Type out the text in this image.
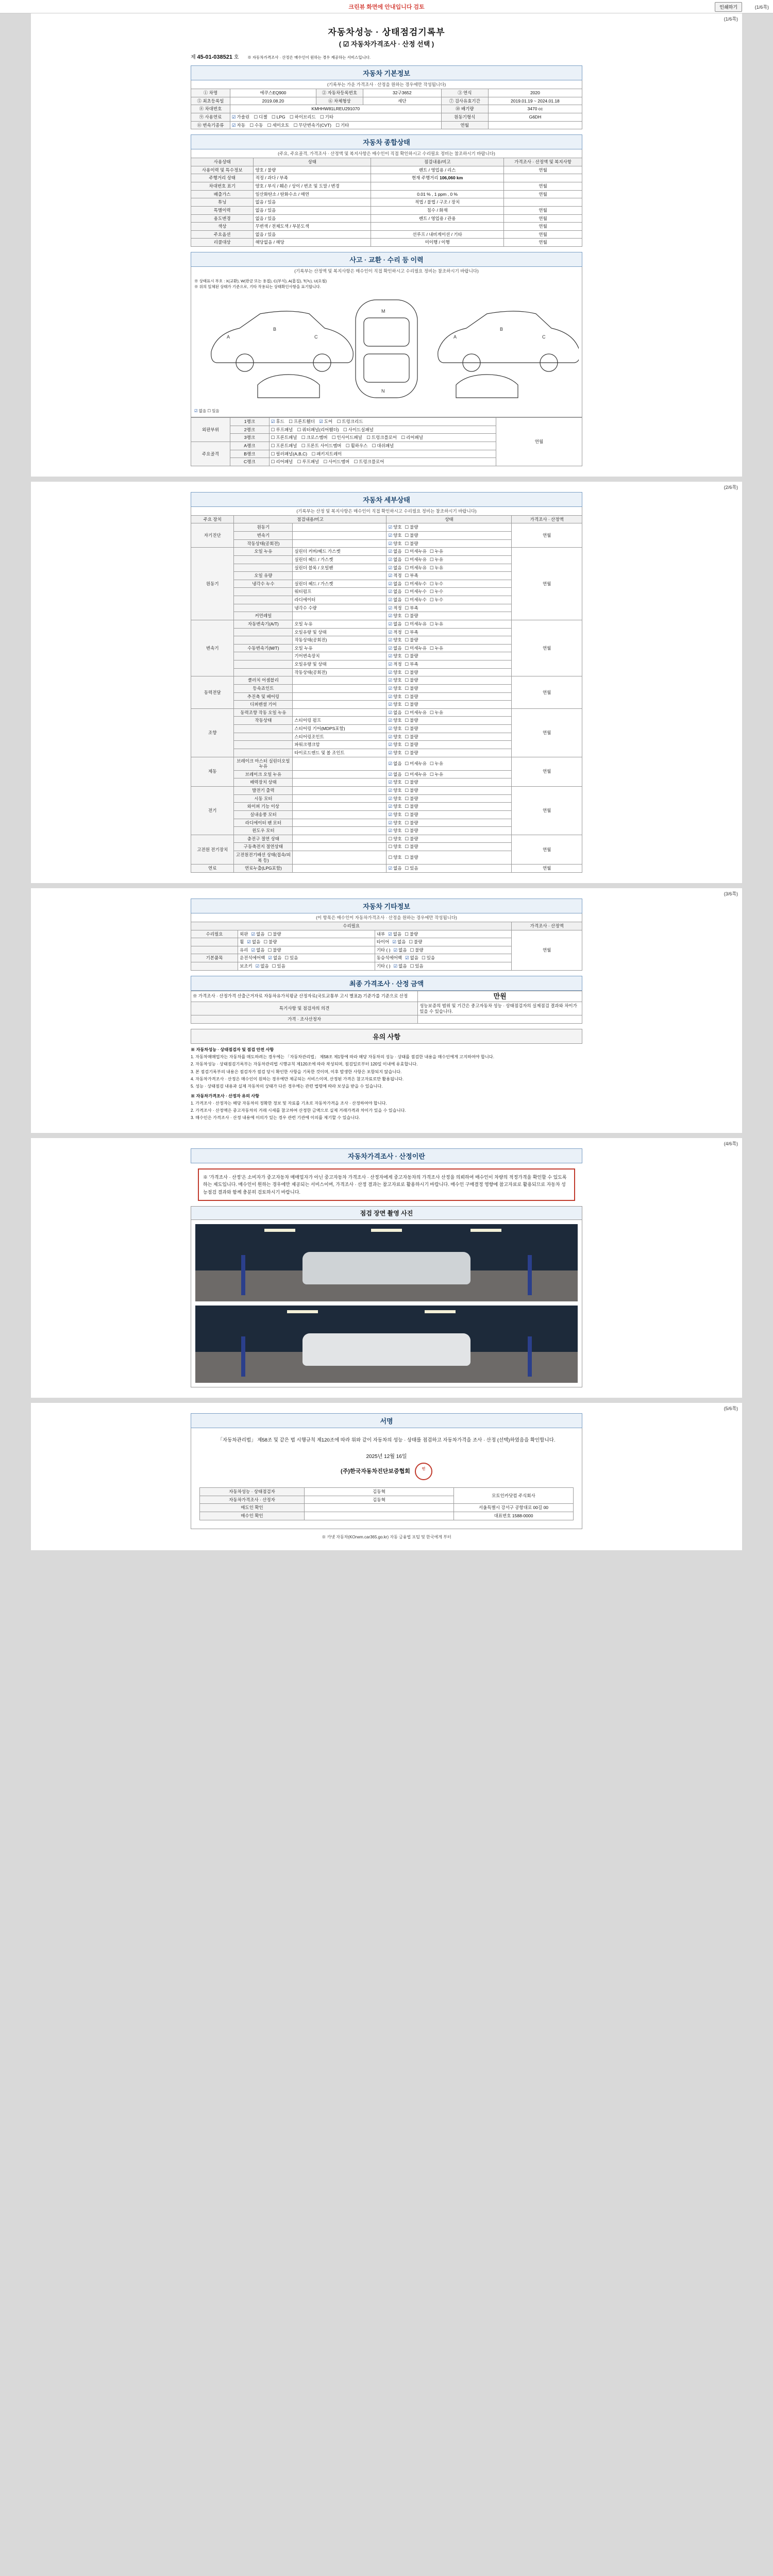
크린뷰 화면에 안내입니다 검토	인쇄하기	(1/6쪽)
(1/6쪽)
자동차성능 · 상태점검기록부
( ☑ 자동차가격조사 · 산정 선택 )
제 45-01-038521 호 ※ 자동차가격조사 · 산정은 매수인이 원하는 경우 제공하는 서비스입니다.
자동차 기본정보
(기록부는 가운 가격조사 · 산정을 원하는 경우에만 작성됩니다)
① 차명	에쿠스EQ900	② 자동차등록번호	32구3652	③ 연식	2020
⑤ 최초등록일	2019.08.20	⑥ 차체형상	세단	⑦ 검사유효기간	2019.01.19 ~ 2024.01.18
⑧ 차대번호	KMHHW81LREU291070			⑩ 배기량	3470 cc
⑨ 사용연료	☑ 가솔린 ☐ 디젤 ☐ LPG ☐ 하이브리드 ☐ 기타			원동기형식	G6DH
⑪ 변속기종류	☑ 자동 ☐ 수동 ☐ 세미오토 ☐ 무단변속기(CVT) ☐ 기타			연월	
자동차 종합상태
(주요, 주요골격, 가격조사 · 산정액 및 복지사항은 매수인이 직접 확인하시고 수리필요 정비는 참조하시기 바랍니다)
사용상태	상태	점검내용/비고	가격조사 · 산정액 및 복지사항
사용이력 및 특수정보	양호 / 불량	렌트 / 영업용 / 리스	연월
주행거리 상태	적정 / 과다 / 부족	현재 주행거리 106,060 km	
차대번호 표기	양호 / 부식 / 훼손 / 상이 / 변조 및 도말 / 변경		연월
배출가스	일산화탄소 / 탄화수소 / 매연	0.01 % , 1 ppm , 0 %	연월
튜닝	없음 / 있음	적법 / 불법 / 구조 / 장치	
특별이력	없음 / 있음	침수 / 화재	연월
용도변경	없음 / 있음	렌트 / 영업용 / 관용	연월
색상	무변색 / 전체도색 / 부분도색		연월
주요옵션	없음 / 있음	선루프 / 내비게이션 / 기타	연월
리콜대상	해당없음 / 해당	미이행 / 이행	연월
사고 · 교환 · 수리 등 이력
(기록부는 산정액 및 복지사항은 매수인이 직접 확인하시고 수리필요 정비는 참조하시기 바랍니다)
※ 상태표시 부호 : X(교환), W(판금 또는 용접), C(부식), A(흠집), T(녹), U(요철)
※ 위의 일체된 상태가 기준으로, 기타 작용되는 상태확인사항을 표기합니다.
A
B
C
M
N
A
B
C
☑ 없음 ☐ 있음
외판부위	1랭크	☑ 후드 ☐ 프론트휀더 ☑ 도어 ☐ 트렁크리드	연월
	2랭크	☐ 루프패널 ☐ 쿼터패널(리어휀더) ☐ 사이드실패널
	3랭크	☐ 프론트패널 ☐ 크로스멤버 ☐ 인사이드패널 ☐ 트렁크플로어 ☐ 리어패널
주요골격	A랭크	☐ 프론트패널 ☐ 프론트 사이드멤버 ☐ 휠하우스 ☐ 대쉬패널
	B랭크	☐ 필러패널(A,B,C) ☐ 패키지트레이
	C랭크	☐ 리어패널 ☐ 루프패널 ☐ 사이드멤버 ☐ 트렁크플로어
(2/6쪽)
자동차 세부상태
(기록부는 산정 및 복지사항은 매수인이 직접 확인하시고 수리필요 정비는 참조하시기 바랍니다)
주요 장치	점검내용/비고		상태	가격조사 · 산정액
자기진단	원동기		☑ 양호 ☐ 불량	연월
	변속기		☑ 양호 ☐ 불량
	작동상태(공회전)		☑ 양호 ☐ 불량
원동기	오일 누유	실린더 커버/헤드 가스켓	☑ 없음 ☐ 미세누유 ☐ 누유	연월
		실린더 헤드 / 가스켓	☑ 없음 ☐ 미세누유 ☐ 누유
		실린더 블록 / 오일팬	☑ 없음 ☐ 미세누유 ☐ 누유
	오일 유량		☑ 적정 ☐ 부족
	냉각수 누수	실린더 헤드 / 가스켓	☑ 없음 ☐ 미세누수 ☐ 누수
		워터펌프	☑ 없음 ☐ 미세누수 ☐ 누수
		라디에이터	☑ 없음 ☐ 미세누수 ☐ 누수
		냉각수 수량	☑ 적정 ☐ 부족
	커먼레일		☑ 양호 ☐ 불량
변속기	자동변속기(A/T)	오일 누유	☑ 없음 ☐ 미세누유 ☐ 누유	연월
		오일유량 및 상태	☑ 적정 ☐ 부족
		작동상태(공회전)	☑ 양호 ☐ 불량
	수동변속기(M/T)	오일 누유	☑ 없음 ☐ 미세누유 ☐ 누유
		기어변속장치	☑ 양호 ☐ 불량
		오일유량 및 상태	☑ 적정 ☐ 부족
		작동상태(공회전)	☑ 양호 ☐ 불량
동력전달	클러치 어셈블리		☑ 양호 ☐ 불량	연월
	등속죠인트		☑ 양호 ☐ 불량
	추진축 및 베어링		☑ 양호 ☐ 불량
	디퍼렌셜 기어		☑ 양호 ☐ 불량
조향	동력조향 작동 오일 누유		☑ 없음 ☐ 미세누유 ☐ 누유	연월
	작동상태	스티어링 펌프	☑ 양호 ☐ 불량
		스티어링 기어(MDPS포함)	☑ 양호 ☐ 불량
		스티어링조인트	☑ 양호 ☐ 불량
		파워크랭크암	☑ 양호 ☐ 불량
		타이로드엔드 및 볼 조인트	☑ 양호 ☐ 불량
제동	브레이크 마스터 실린더오일 누유		☑ 없음 ☐ 미세누유 ☐ 누유	연월
	브레이크 오일 누유		☑ 없음 ☐ 미세누유 ☐ 누유
	배력장치 상태		☑ 양호 ☐ 불량
전기	발전기 출력		☑ 양호 ☐ 불량	연월
	시동 모터		☑ 양호 ☐ 불량
	와이퍼 기능 이상		☑ 양호 ☐ 불량
	실내송풍 모터		☑ 양호 ☐ 불량
	라디에이터 팬 모터		☑ 양호 ☐ 불량
	윈도우 모터		☑ 양호 ☐ 불량
고전원 전기장치	충전구 절연 상태		☐ 양호 ☐ 불량	연월
	구동축전지 절연상태		☐ 양호 ☐ 불량
	고전원전기배선 상태(접속/피복 등)		☐ 양호 ☐ 불량
연료	연료누출(LPG포함)		☑ 없음 ☐ 있음	연월
(3/6쪽)
자동차 기타정보
(이 항목은 매수인이 자동차가격조사 · 산정을 원하는 경우에만 작성됩니다)
수리필요			가격조사 · 산정액
수리필요	외판 ☑ 없음 ☐ 불량	내부 ☑ 없음 ☐ 불량	연월
	휠 ☑ 없음 ☐ 불량	타이어 ☑ 없음 ☐ 불량
	유리 ☑ 없음 ☐ 불량	기타 ( ) ☑ 없음 ☐ 불량
기본품목	운전석에어백 ☑ 없음 ☐ 있음	동승석에어백 ☑ 없음 ☐ 있음
	보조키 ☑ 없음 ☐ 있음	기타 ( ) ☑ 없음 ☐ 있음
최종 가격조사 · 산정 금액
※ 가격조사 · 산정가격 산출근거자료 자동차유가치평균 산정자료(국토교통부 고시 별표2) 기준가를 기준으로 산정	만원
특기사항 및 점검자의 의견	성능보증의 범위 및 기간은 중고자동차 성능 · 상태점검자의 실제점검 결과와 차이가 있을 수 있습니다.
가격 · 조사산정자	
유의 사항

※ 자동차성능 · 상태점검자 및 점검 안전 사항

1. 자동차매매업자는 자동차를 매도하려는 경우에는 「자동차관리법」 제58조 제1항에 따라 해당 자동차의 성능 · 상태를 점검한 내용을 매수인에게 고지하여야 합니다.

2. 자동차성능 · 상태점검기록부는 자동차관리법 시행규칙 제120조에 따라 작성되며, 점검일로부터 120일 이내에 유효합니다.

3. 본 점검기록부의 내용은 점검자가 점검 당시 확인한 사항을 기록한 것이며, 이후 발생한 사항은 포함되지 않습니다.

4. 자동차가격조사 · 산정은 매수인이 원하는 경우에만 제공되는 서비스이며, 산정된 가격은 참고자료로만 활용됩니다.

5. 성능 · 상태점검 내용과 실제 자동차의 상태가 다른 경우에는 관련 법령에 따라 보상을 받을 수 있습니다.

※ 자동차가격조사 · 산정자 유의 사항

1. 가격조사 · 산정자는 해당 자동차의 정확한 정보 및 자료를 기초로 자동차가격을 조사 · 산정하여야 합니다.

2. 가격조사 · 산정액은 중고자동차의 거래 시세를 참고하여 산정한 금액으로 실제 거래가격과 차이가 있을 수 있습니다.

3. 매수인은 가격조사 · 산정 내용에 이의가 있는 경우 관련 기관에 이의를 제기할 수 있습니다.

(4/6쪽)
자동차가격조사 · 산정이란
※ '가격조사 · 산정'은 소비자가 중고자동차 매매업자가 아닌 중고자동차 가격조사 · 산정자에게 중고자동차의 가격조사 산정을 의뢰하여 매수인이 차량의 적정가격을 확인할 수 있도록 하는 제도입니다. 매수인이 원하는 경우에만 제공되는 서비스이며, 가격조사 · 산정 결과는 참고자료로 활용하시기 바랍니다. 매수인 구매결정 영향에 참고자료로 활용되므로 자동차 성능점검 결과와 함께 충분히 검토하시기 바랍니다.
점검 장면 촬영 사진
(5/6쪽)
서명
「자동차관리법」 제58조 및 같은 법 시행규칙 제120조에 따라 위와 같이 자동차의 성능 · 상태를 점검하고 자동차가격을 조사 · 산정 (선택)하였음을 확인합니다.
2025년 12월 16일
(주)한국자동차진단보증협회	인
자동차성능 · 상태점검자	김동혁	모토인카닷컴 주식회사
자동차가격조사 · 산정자	김동혁	
매도인 확인		서울특별시 강서구 공항대로 00길 00
매수인 확인		대표번호 1588-0000
※ 카넷 자동차(KOrwm.car365.go.kr) 자동 금융법 포털 및 한국에게 부터
